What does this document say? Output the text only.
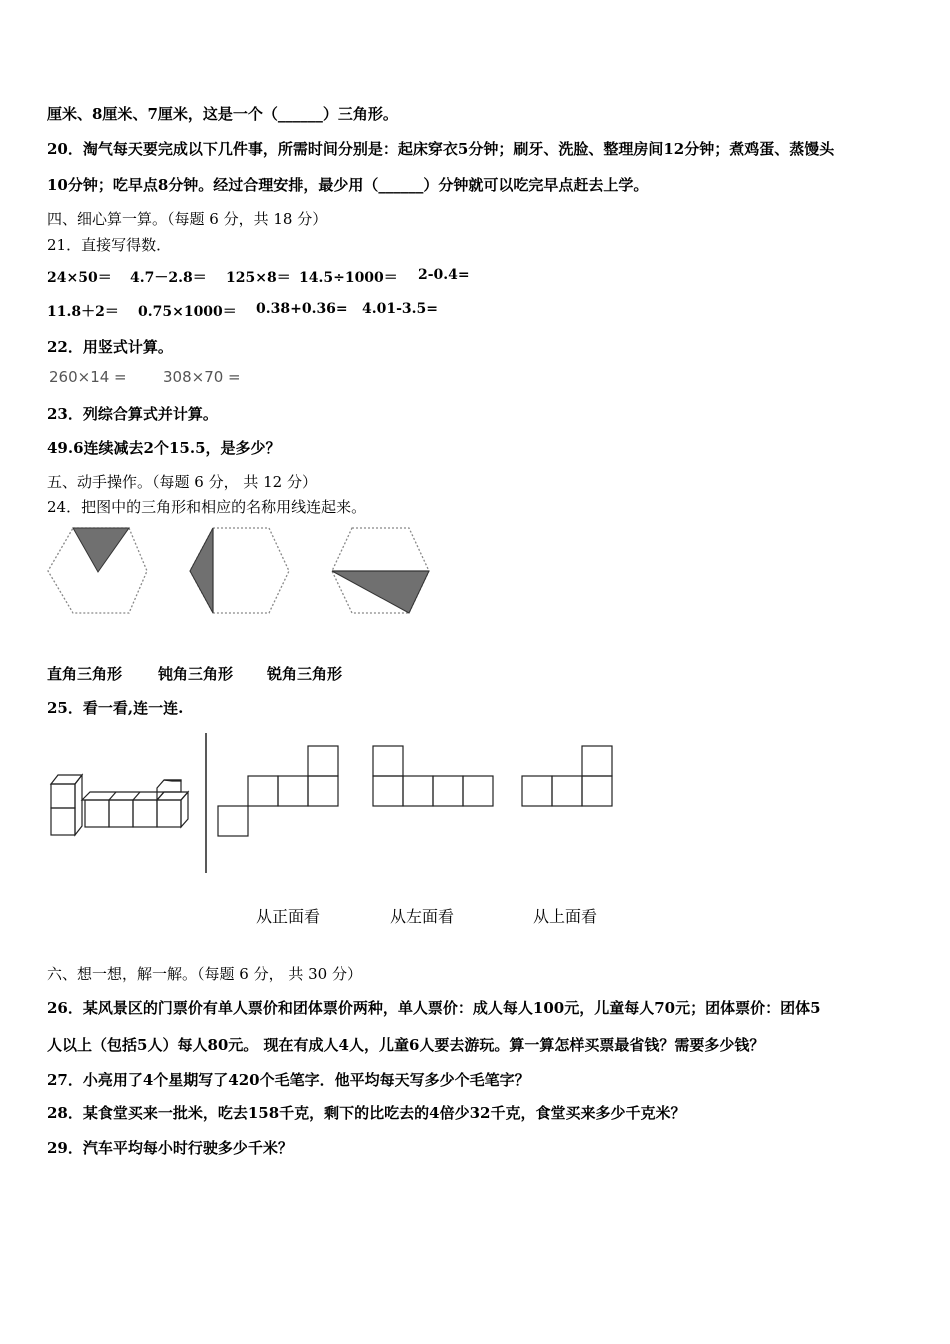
厘米、8厘米、7厘米，这是一个（______）三角形。
20．淘气每天要完成以下几件事，所需时间分别是：起床穿衣5分钟；刷牙、洗脸、整理房间12分钟；煮鸡蛋、蒸馒头
10分钟；吃早点8分钟。经过合理安排，最少用（______）分钟就可以吃完早点赶去上学。
四、细心算一算。（每题 6 分，共 18 分）
21．直接写得数．
24×50＝ 4.7－2.8＝ 125×8＝ 14.5÷1000＝ 2-0.4=
11.8＋2＝ 0.75×1000＝ 0.38+0.36= 4.01-3.5=
22．用竖式计算。
260×14 = 308×70 =
23．列综合算式并计算。
49.6连续减去2个15.5，是多少？
五、动手操作。（每题 6 分， 共 12 分）
24．把图中的三角形和相应的名称用线连起来。
直角三角形 钝角三角形 锐角三角形
25．看一看,连一连.
从正面看	从左面看	从上面看
六、想一想，解一解。（每题 6 分， 共 30 分）
26．某风景区的门票价有单人票价和团体票价两种，单人票价：成人每人100元，儿童每人70元；团体票价：团体5
人以上（包括5人）每人80元。 现在有成人4人，儿童6人要去游玩。算一算怎样买票最省钱？需要多少钱？
27．小亮用了4个星期写了420个毛笔字．他平均每天写多少个毛笔字？
28．某食堂买来一批米，吃去158千克，剩下的比吃去的4倍少32千克，食堂买来多少千克米？
29．汽车平均每小时行驶多少千米？
